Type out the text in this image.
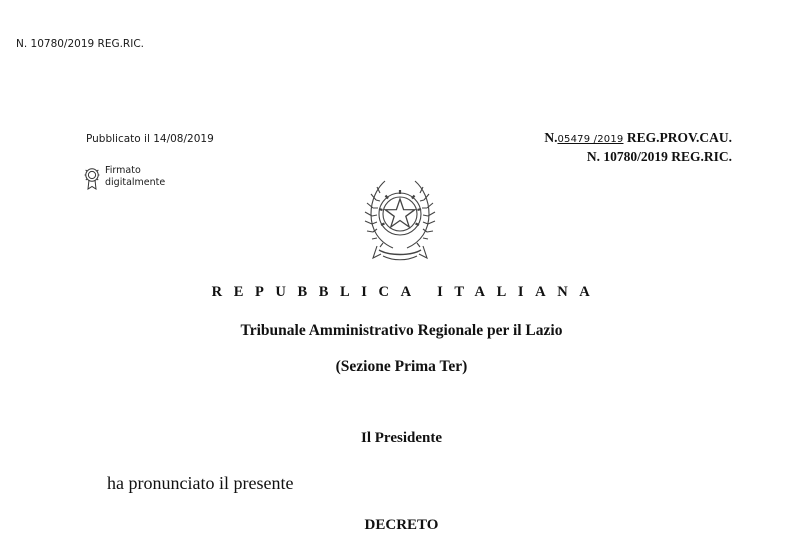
N. 10780/2019 REG.RIC.
Pubblicato il 14/08/2019
Firmato
digitalmente
N.05479 /2019 REG.PROV.CAU.
N. 10780/2019 REG.RIC.
REPUBBLICA ITALIANA
Tribunale Amministrativo Regionale per il Lazio
(Sezione Prima Ter)
Il Presidente
ha pronunciato il presente
DECRETO
